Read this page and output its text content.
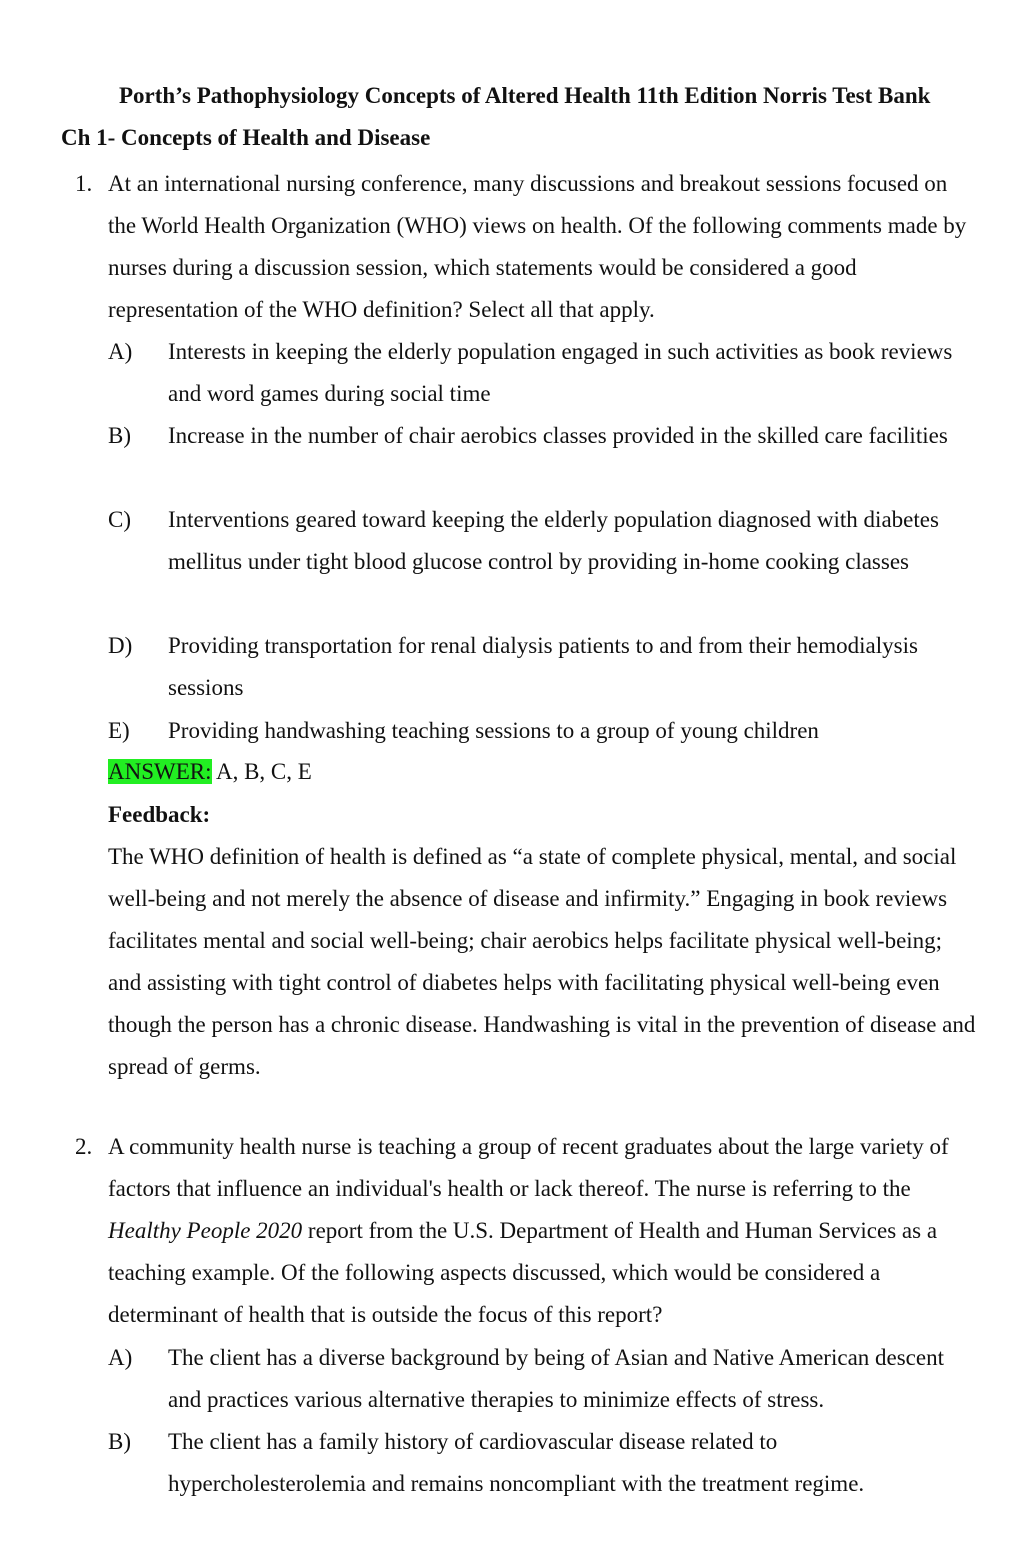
Porth’s Pathophysiology Concepts of Altered Health 11th Edition Norris Test Bank
Ch 1- Concepts of Health and Disease
1. At an international nursing conference, many discussions and breakout sessions focused on the World Health Organization (WHO) views on health. Of the following comments made by nurses during a discussion session, which statements would be considered a good representation of the WHO definition? Select all that apply.
A) Interests in keeping the elderly population engaged in such activities as book reviews and word games during social time
B) Increase in the number of chair aerobics classes provided in the skilled care facilities
C) Interventions geared toward keeping the elderly population diagnosed with diabetes mellitus under tight blood glucose control by providing in-home cooking classes
D) Providing transportation for renal dialysis patients to and from their hemodialysis sessions
E) Providing handwashing teaching sessions to a group of young children
ANSWER: A, B, C, E
Feedback:
The WHO definition of health is defined as “a state of complete physical, mental, and social well-being and not merely the absence of disease and infirmity.” Engaging in book reviews facilitates mental and social well-being; chair aerobics helps facilitate physical well-being; and assisting with tight control of diabetes helps with facilitating physical well-being even though the person has a chronic disease. Handwashing is vital in the prevention of disease and spread of germs.
2. A community health nurse is teaching a group of recent graduates about the large variety of factors that influence an individual's health or lack thereof. The nurse is referring to the Healthy People 2020 report from the U.S. Department of Health and Human Services as a teaching example. Of the following aspects discussed, which would be considered a determinant of health that is outside the focus of this report?
A) The client has a diverse background by being of Asian and Native American descent and practices various alternative therapies to minimize effects of stress.
B) The client has a family history of cardiovascular disease related to hypercholesterolemia and remains noncompliant with the treatment regime.
